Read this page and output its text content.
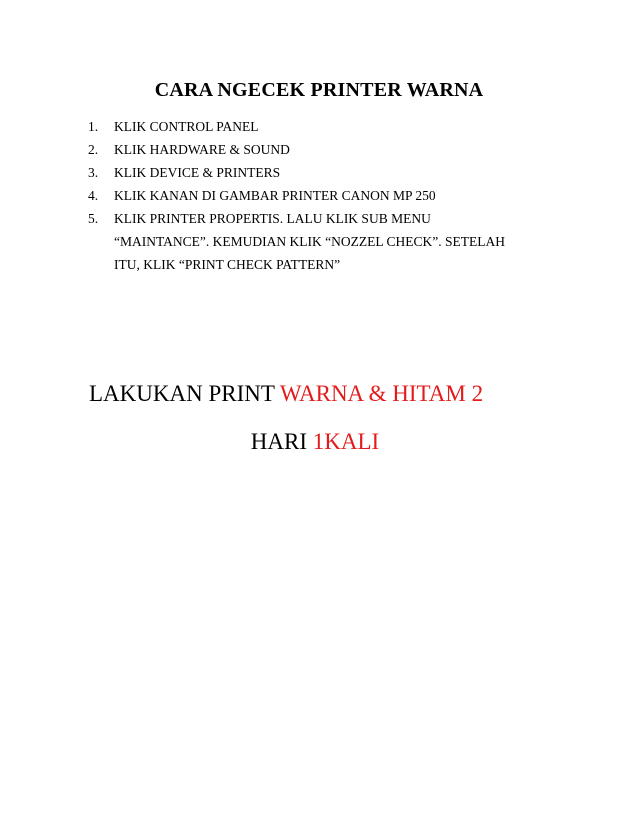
CARA NGECEK PRINTER WARNA
1.	KLIK CONTROL PANEL
2.	KLIK HARDWARE & SOUND
3.	KLIK DEVICE & PRINTERS
4.	KLIK KANAN DI GAMBAR PRINTER CANON MP 250
5.	KLIK PRINTER PROPERTIS. LALU KLIK SUB MENU
“MAINTANCE”. KEMUDIAN KLIK “NOZZEL CHECK”. SETELAH
ITU, KLIK “PRINT CHECK PATTERN”

LAKUKAN PRINT WARNA & HITAM 2
HARI 1KALI
